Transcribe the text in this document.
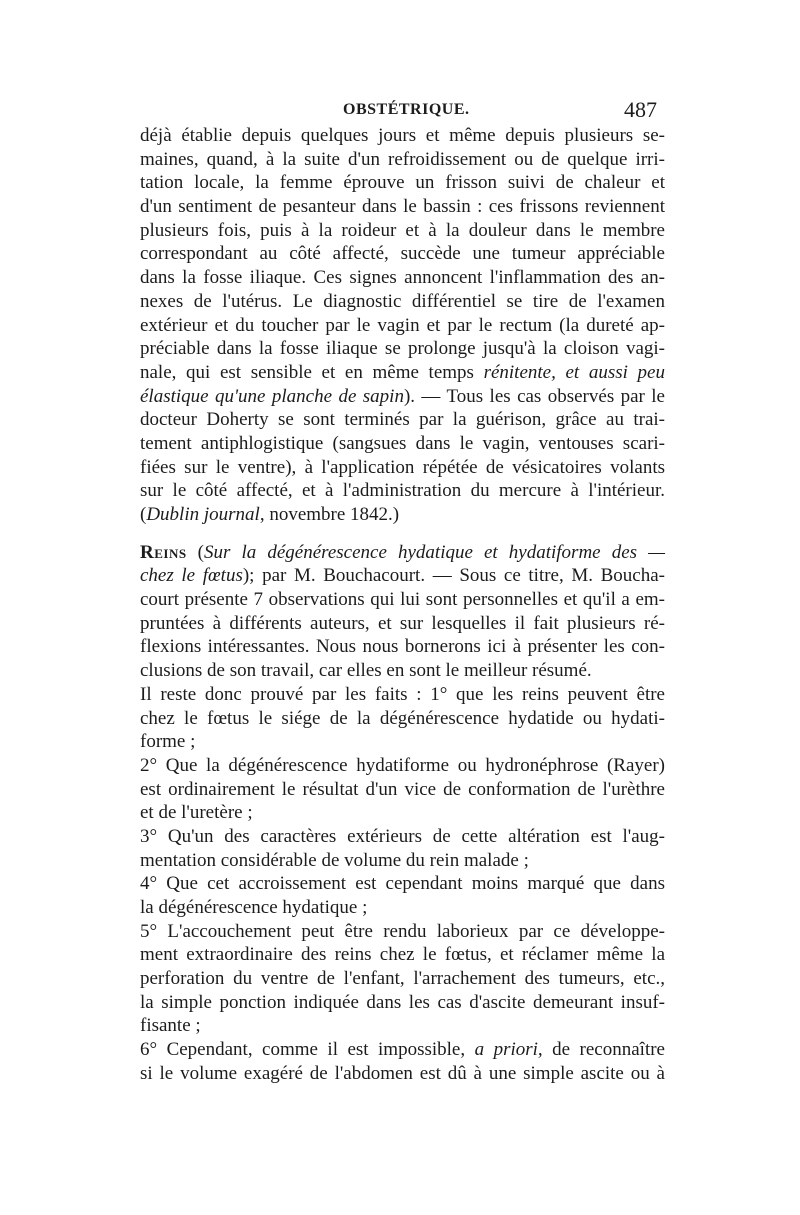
OBSTÉTRIQUE.	487
déjà établie depuis quelques jours et même depuis plusieurs se-
maines, quand, à la suite d'un refroidissement ou de quelque irri-
tation locale, la femme éprouve un frisson suivi de chaleur et
d'un sentiment de pesanteur dans le bassin : ces frissons reviennent
plusieurs fois, puis à la roideur et à la douleur dans le membre
correspondant au côté affecté, succède une tumeur appréciable
dans la fosse iliaque. Ces signes annoncent l'inflammation des an-
nexes de l'utérus. Le diagnostic différentiel se tire de l'examen
extérieur et du toucher par le vagin et par le rectum (la dureté ap-
préciable dans la fosse iliaque se prolonge jusqu'à la cloison vagi-
nale, qui est sensible et en même temps rénitente, et aussi peu
élastique qu'une planche de sapin). — Tous les cas observés par le
docteur Doherty se sont terminés par la guérison, grâce au trai-
tement antiphlogistique (sangsues dans le vagin, ventouses scari-
fiées sur le ventre), à l'application répétée de vésicatoires volants
sur le côté affecté, et à l'administration du mercure à l'intérieur.
(Dublin journal, novembre 1842.)
Reins (Sur la dégénérescence hydatique et hydatiforme des —
chez le fœtus); par M. Bouchacourt. — Sous ce titre, M. Boucha-
court présente 7 observations qui lui sont personnelles et qu'il a em-
pruntées à différents auteurs, et sur lesquelles il fait plusieurs ré-
flexions intéressantes. Nous nous bornerons ici à présenter les con-
clusions de son travail, car elles en sont le meilleur résumé.
Il reste donc prouvé par les faits : 1° que les reins peuvent être
chez le fœtus le siége de la dégénérescence hydatide ou hydati-
forme ;
2° Que la dégénérescence hydatiforme ou hydronéphrose (Rayer)
est ordinairement le résultat d'un vice de conformation de l'urèthre
et de l'uretère ;
3° Qu'un des caractères extérieurs de cette altération est l'aug-
mentation considérable de volume du rein malade ;
4° Que cet accroissement est cependant moins marqué que dans
la dégénérescence hydatique ;
5° L'accouchement peut être rendu laborieux par ce développe-
ment extraordinaire des reins chez le fœtus, et réclamer même la
perforation du ventre de l'enfant, l'arrachement des tumeurs, etc.,
la simple ponction indiquée dans les cas d'ascite demeurant insuf-
fisante ;
6° Cependant, comme il est impossible, a priori, de reconnaître
si le volume exagéré de l'abdomen est dû à une simple ascite ou à
